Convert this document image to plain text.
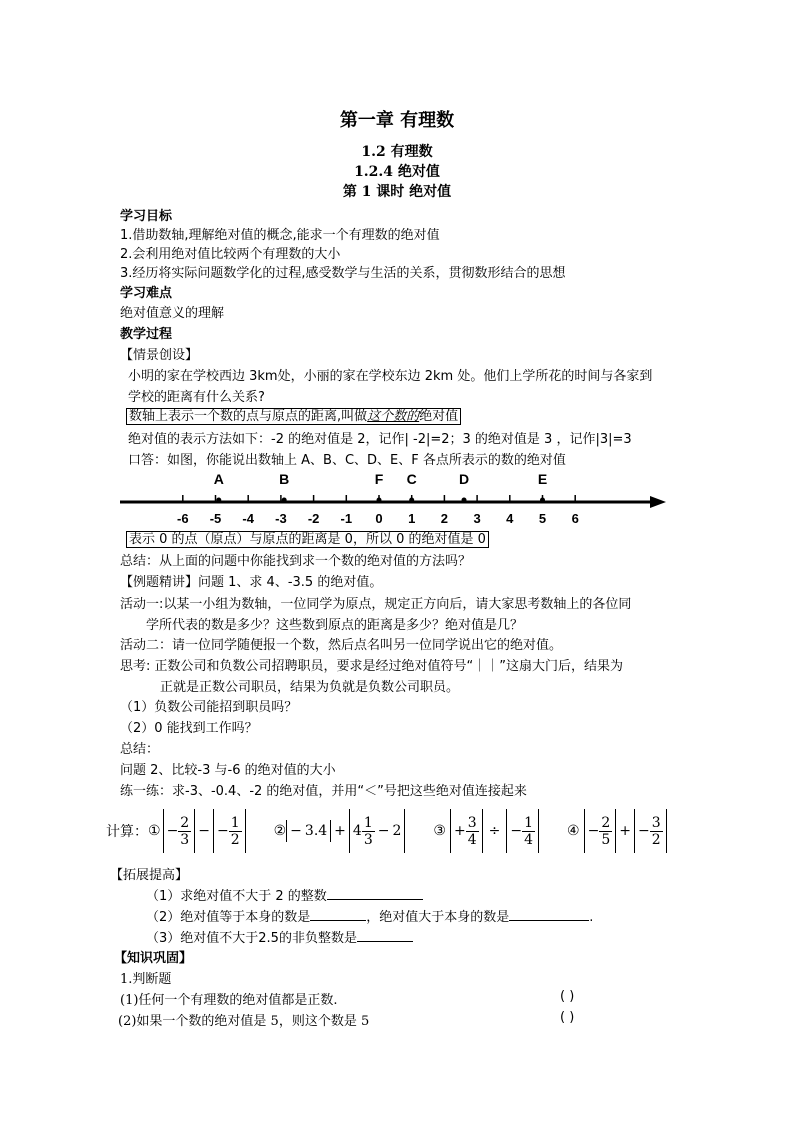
第一章 有理数
1.2 有理数
1.2.4 绝对值
第 1 课时 绝对值
学习目标
1.借助数轴,理解绝对值的概念,能求一个有理数的绝对值
2.会利用绝对值比较两个有理数的大小
3.经历将实际问题数学化的过程,感受数学与生活的关系，贯彻数形结合的思想
学习难点
绝对值意义的理解
教学过程
【情景创设】
小明的家在学校西边 3km处，小丽的家在学校东边 2km 处。他们上学所花的时间与各家到
学校的距离有什么关系?
数轴上表示一个数的点与原点的距离,叫做这个数的绝对值
绝对值的表示方法如下：-2 的绝对值是 2，记作| -2|=2；3 的绝对值是 3 ，记作|3|=3
口答：如图，你能说出数轴上 A、B、C、D、E、F 各点所表示的数的绝对值
-6 -5 -4 -3 -2 -1 0 1 2 3 4 5 6
A	B	F C	D	E
表示 0 的点（原点）与原点的距离是 0，所以 0 的绝对值是 0
总结：从上面的问题中你能找到求一个数的绝对值的方法吗？
【例题精讲】问题 1、求 4、-3.5 的绝对值。
活动一:以某一小组为数轴，一位同学为原点，规定正方向后，请大家思考数轴上的各位同
学所代表的数是多少？这些数到原点的距离是多少？绝对值是几？
活动二：请一位同学随便报一个数，然后点名叫另一位同学说出它的绝对值。
思考: 正数公司和负数公司招聘职员，要求是经过绝对值符号“｜｜”这扇大门后，结果为
正就是正数公司职员，结果为负就是负数公司职员。
（1）负数公司能招到职员吗？
（2）0 能找到工作吗？
总结：
问题 2、比较-3 与-6 的绝对值的大小
练一练：求-3、-0.4、-2 的绝对值，并用“＜”号把这些绝对值连接起来
计算： ① − $\frac{2}{3}$ − − $\frac{1}{2}$ ② − $3.4 + 4 \frac{1}{3} - 2$ ③ + $\frac{3}{4}$ ÷ − $\frac{1}{4}$ ④ − $\frac{2}{5}$ + − $\frac{3}{2}$
【拓展提高】
（1）求绝对值不大于 2 的整数
（2）绝对值等于本身的数是	，绝对值大于本身的数是	.
（3）绝对值不大于2.5的非负整数是
【知识巩固】
1.判断题
(1)任何一个有理数的绝对值都是正数.	( )
(2)如果一个数的绝对值是 5，则这个数是 5	( )
